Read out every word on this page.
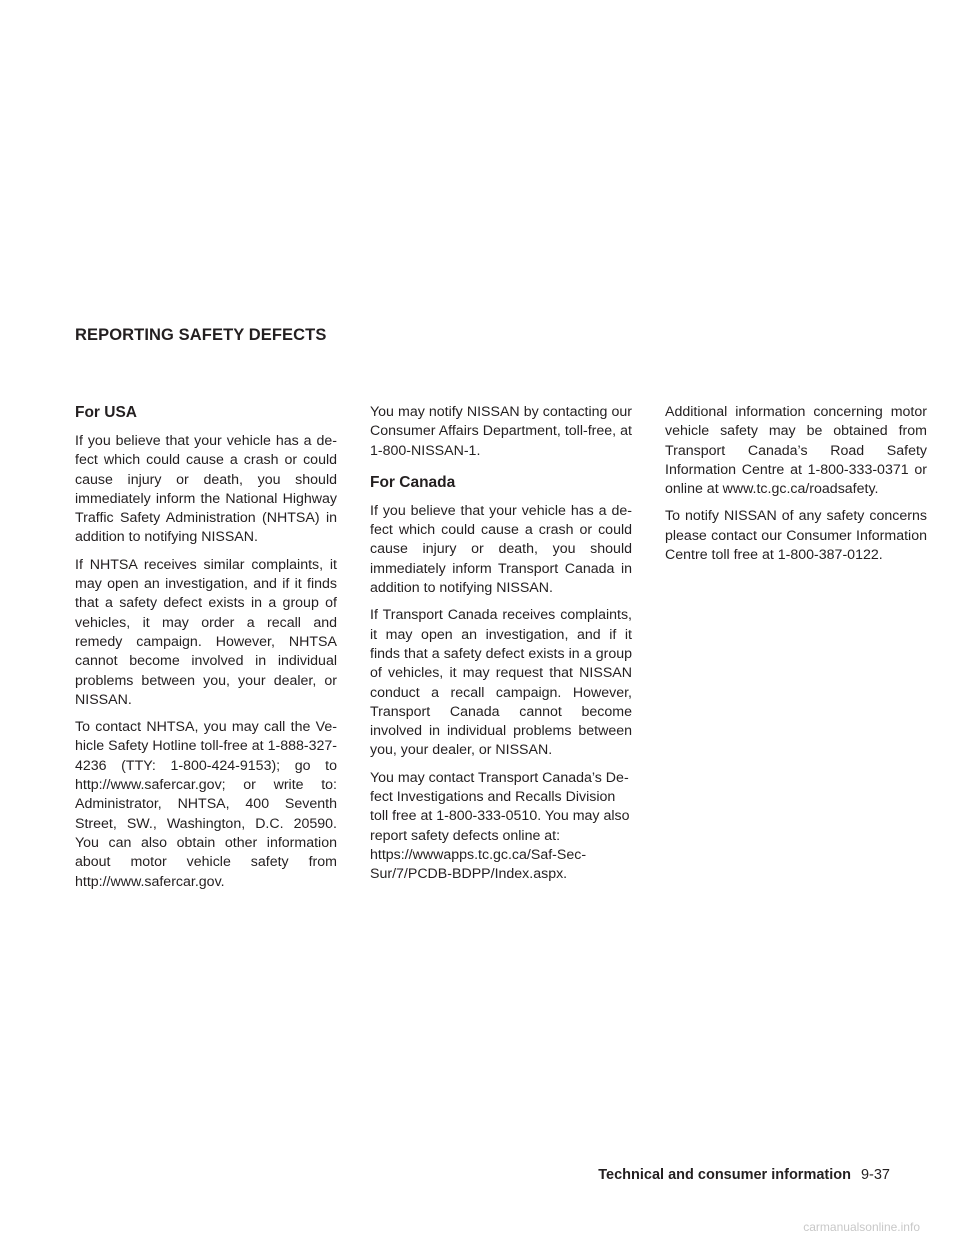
REPORTING SAFETY DEFECTS
For USA

If you believe that your vehicle has a defect which could cause a crash or could cause injury or death, you should immediately inform the National Highway Traffic Safety Administration (NHTSA) in addition to notifying NISSAN.

If NHTSA receives similar complaints, it may open an investigation, and if it finds that a safety defect exists in a group of vehicles, it may order a recall and remedy campaign. However, NHTSA cannot become involved in individual problems between you, your dealer, or NISSAN.

To contact NHTSA, you may call the Vehicle Safety Hotline toll-free at 1-888-327-4236 (TTY: 1-800-424-9153); go to http://www.safercar.gov; or write to: Administrator, NHTSA, 400 Seventh Street, SW., Washington, D.C. 20590. You can also obtain other information about motor vehicle safety from http://www.safercar.gov.

You may notify NISSAN by contacting our Consumer Affairs Department, toll-free, at 1-800-NISSAN-1.

For Canada

If you believe that your vehicle has a defect which could cause a crash or could cause injury or death, you should immediately inform Transport Canada in addition to notifying NISSAN.

If Transport Canada receives complaints, it may open an investigation, and if it finds that a safety defect exists in a group of vehicles, it may request that NISSAN conduct a recall campaign. However, Transport Canada cannot become involved in individual problems between you, your dealer, or NISSAN.

You may contact Transport Canada’s Defect Investigations and Recalls Division toll free at 1-800-333-0510. You may also report safety defects online at: https://wwwapps.tc.gc.ca/Saf-Sec-Sur/7/PCDB-BDPP/Index.aspx.

Additional information concerning motor vehicle safety may be obtained from Transport Canada’s Road Safety Information Centre at 1-800-333-0371 or online at www.tc.gc.ca/roadsafety.

To notify NISSAN of any safety concerns please contact our Consumer Information Centre toll free at 1-800-387-0122.

Technical and consumer information 9-37
carmanualsonline.info
